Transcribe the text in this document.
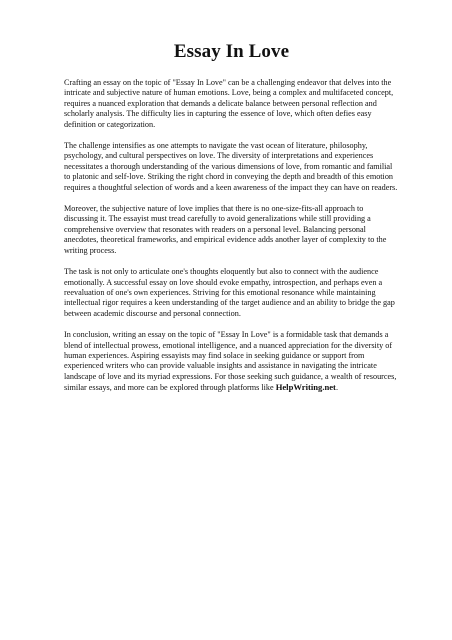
Essay In Love

Crafting an essay on the topic of "Essay In Love" can be a challenging endeavor that delves into the intricate and subjective nature of human emotions. Love, being a complex and multifaceted concept, requires a nuanced exploration that demands a delicate balance between personal reflection and scholarly analysis. The difficulty lies in capturing the essence of love, which often defies easy definition or categorization.

The challenge intensifies as one attempts to navigate the vast ocean of literature, philosophy, psychology, and cultural perspectives on love. The diversity of interpretations and experiences necessitates a thorough understanding of the various dimensions of love, from romantic and familial to platonic and self-love. Striking the right chord in conveying the depth and breadth of this emotion requires a thoughtful selection of words and a keen awareness of the impact they can have on readers.

Moreover, the subjective nature of love implies that there is no one-size-fits-all approach to discussing it. The essayist must tread carefully to avoid generalizations while still providing a comprehensive overview that resonates with readers on a personal level. Balancing personal anecdotes, theoretical frameworks, and empirical evidence adds another layer of complexity to the writing process.

The task is not only to articulate one's thoughts eloquently but also to connect with the audience emotionally. A successful essay on love should evoke empathy, introspection, and perhaps even a reevaluation of one's own experiences. Striving for this emotional resonance while maintaining intellectual rigor requires a keen understanding of the target audience and an ability to bridge the gap between academic discourse and personal connection.

In conclusion, writing an essay on the topic of "Essay In Love" is a formidable task that demands a blend of intellectual prowess, emotional intelligence, and a nuanced appreciation for the diversity of human experiences. Aspiring essayists may find solace in seeking guidance or support from experienced writers who can provide valuable insights and assistance in navigating the intricate landscape of love and its myriad expressions. For those seeking such guidance, a wealth of resources, similar essays, and more can be explored through platforms like HelpWriting.net.
